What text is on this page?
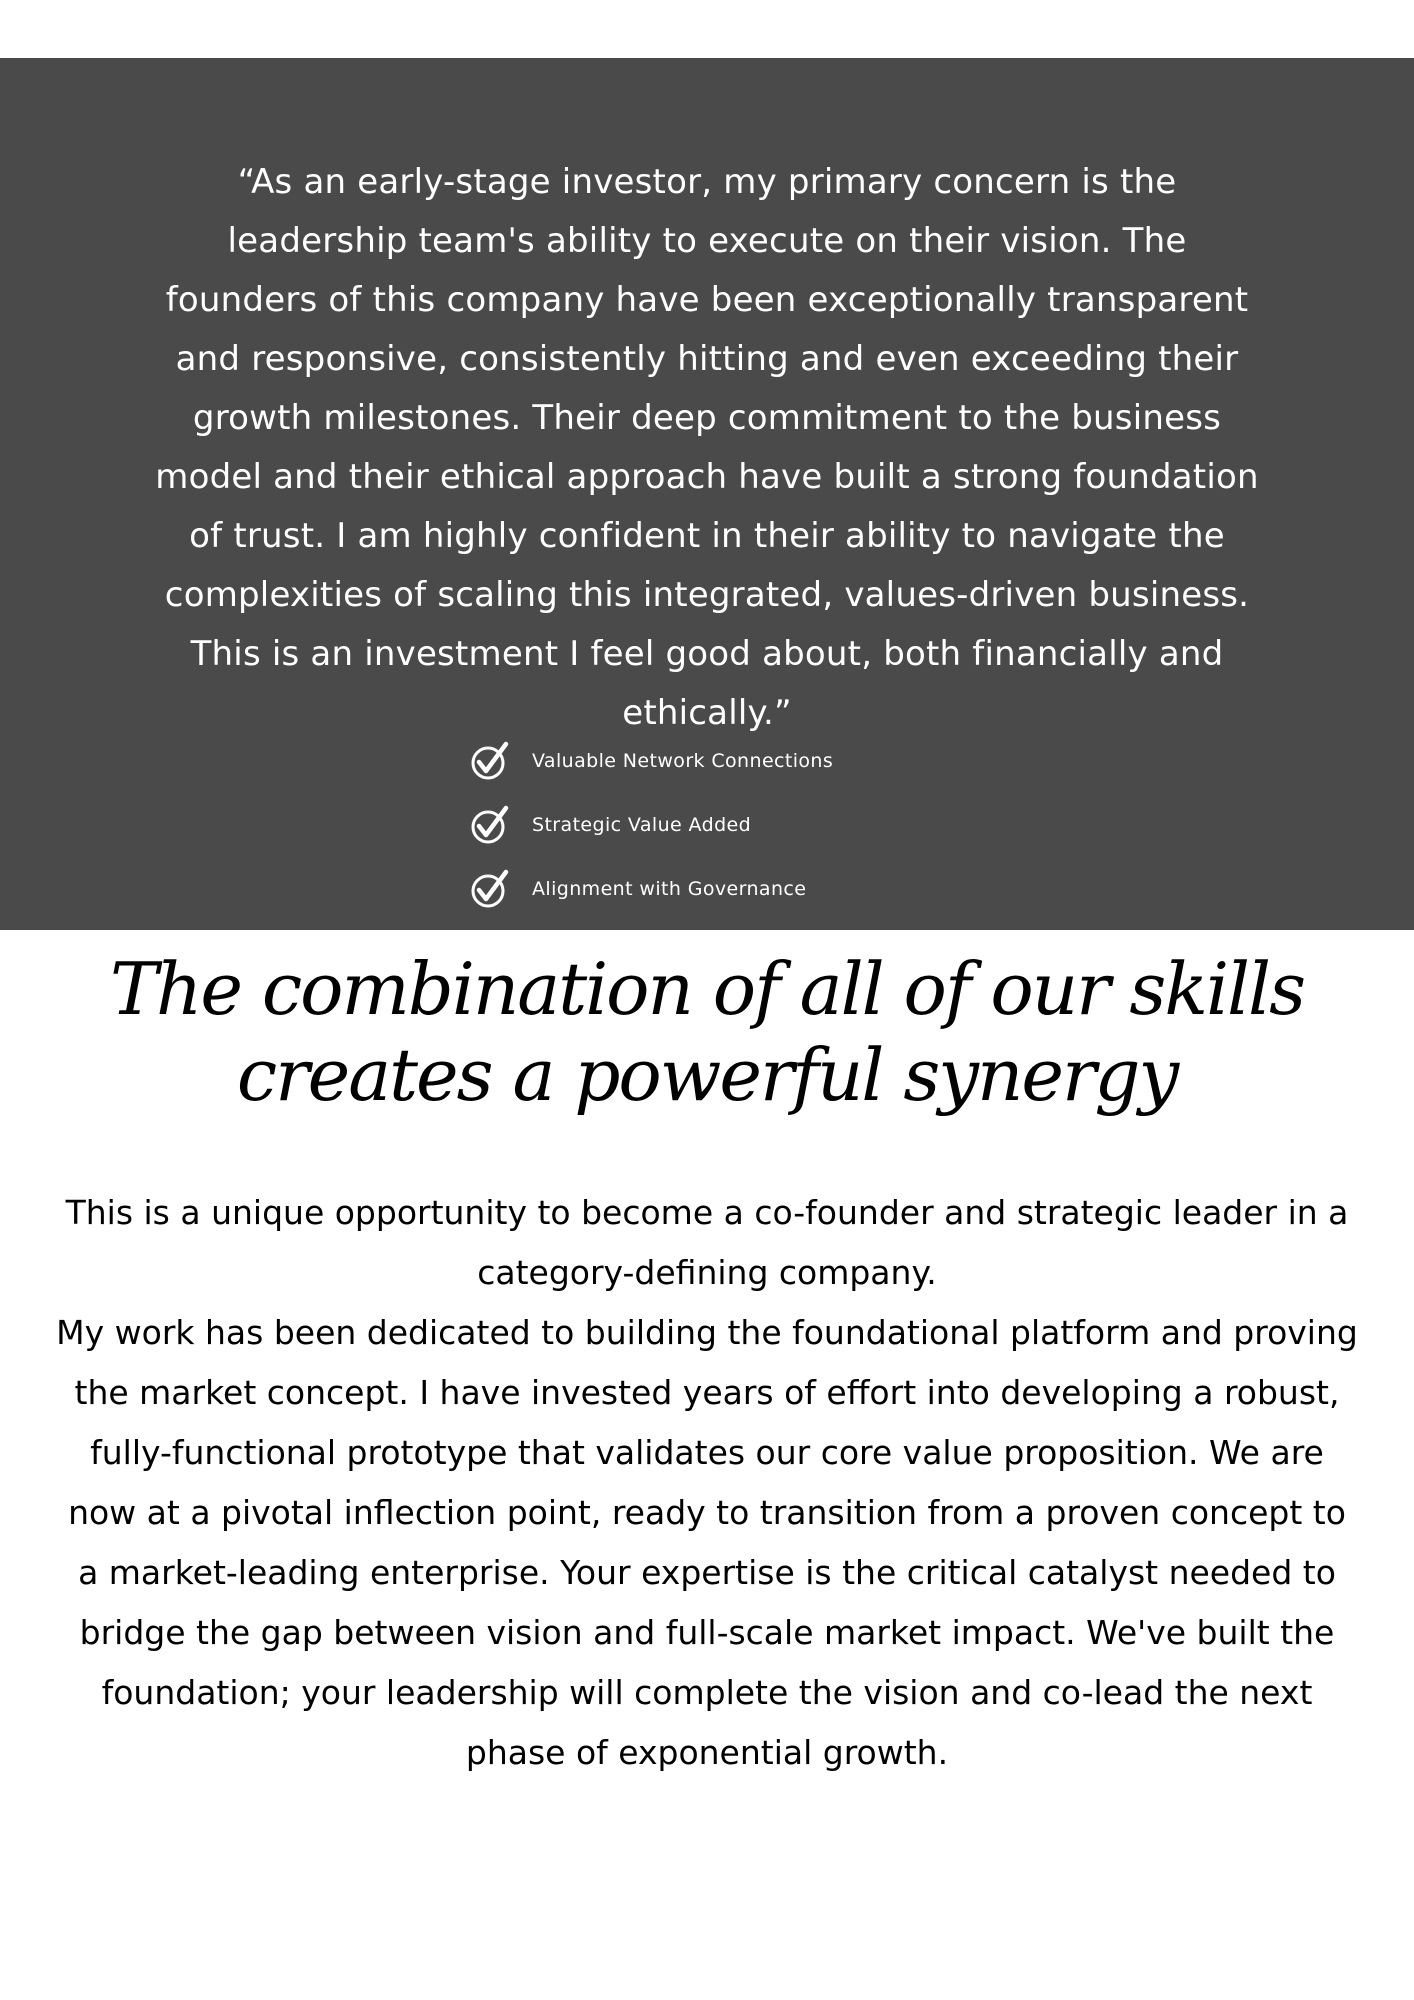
“As an early-stage investor, my primary concern is the leadership team's ability to execute on their vision. The founders of this company have been exceptionally transparent and responsive, consistently hitting and even exceeding their growth milestones. Their deep commitment to the business model and their ethical approach have built a strong foundation of trust. I am highly confident in their ability to navigate the complexities of scaling this integrated, values-driven business. This is an investment I feel good about, both financially and ethically.”

Valuable Network Connections
Strategic Value Added
Alignment with Governance
The combination of all of our skills
creates a powerful synergy

This is a unique opportunity to become a co-founder and strategic leader in a category-defining company.

My work has been dedicated to building the foundational platform and proving the market concept. I have invested years of effort into developing a robust, fully-functional prototype that validates our core value proposition. We are now at a pivotal inflection point, ready to transition from a proven concept to a market-leading enterprise. Your expertise is the critical catalyst needed to bridge the gap between vision and full-scale market impact. We've built the foundation; your leadership will complete the vision and co-lead the next phase of exponential growth.
